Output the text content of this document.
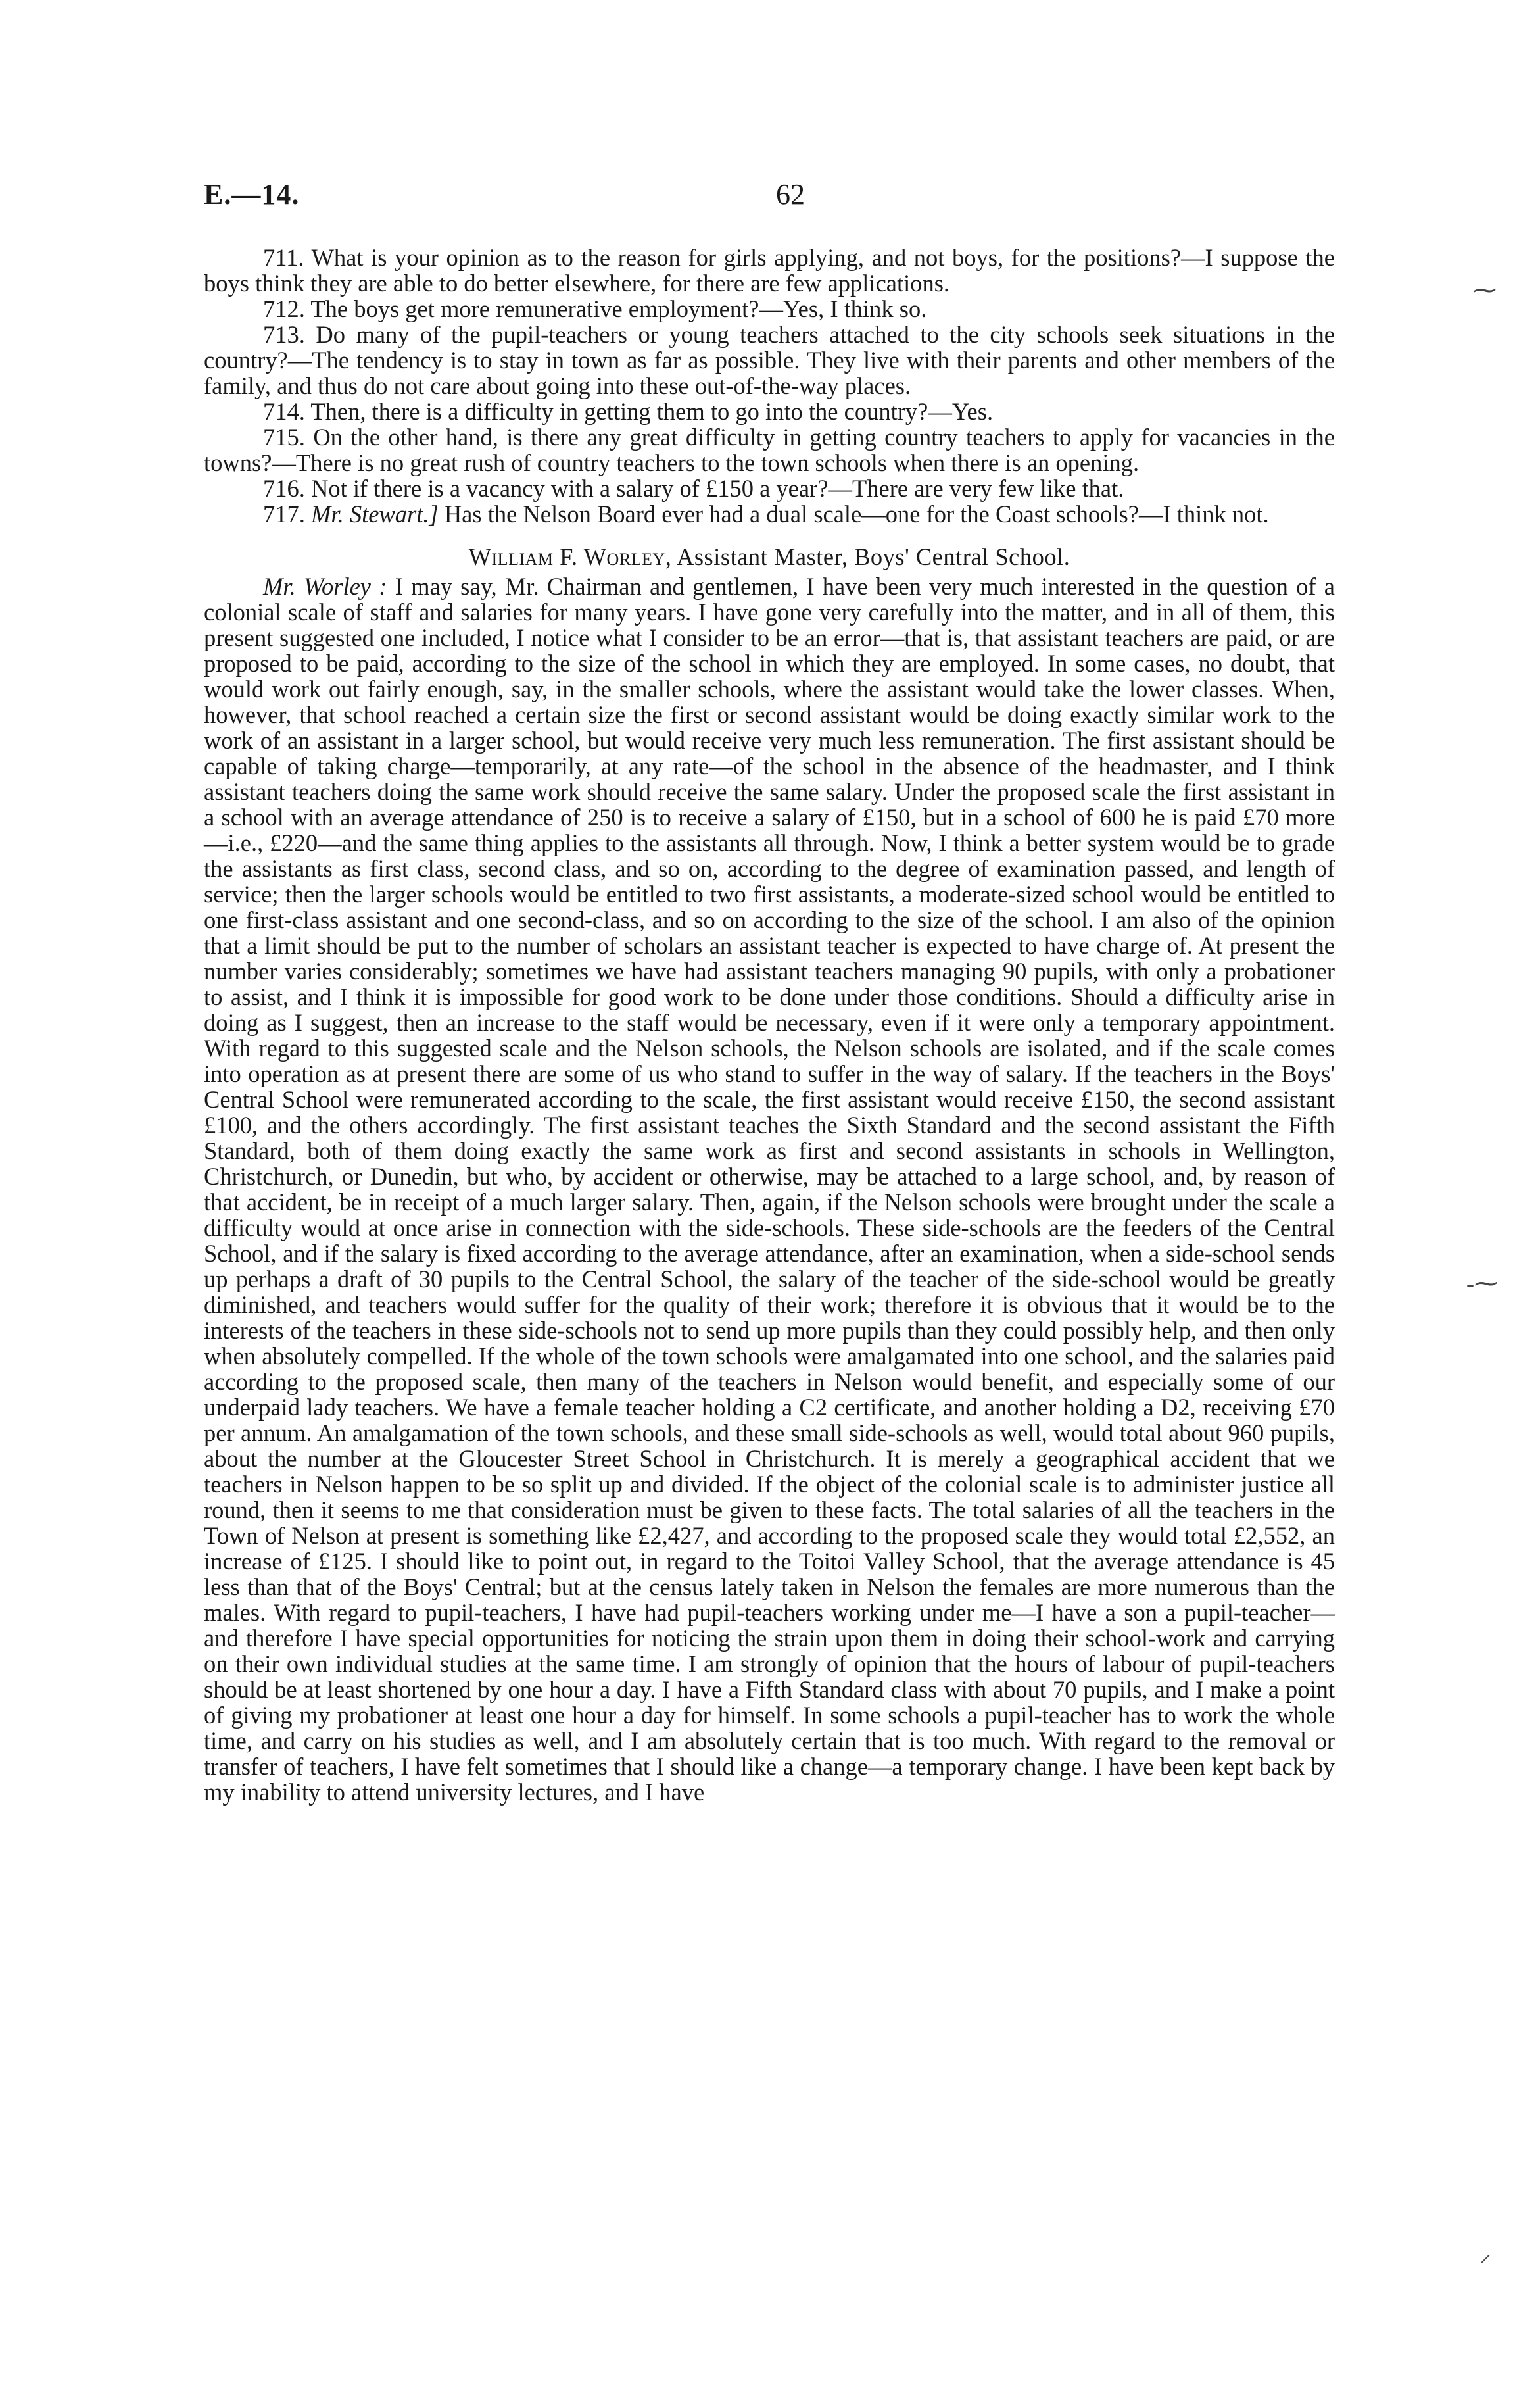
E.—14.	62

711. What is your opinion as to the reason for girls applying, and not boys, for the positions?—I suppose the boys think they are able to do better elsewhere, for there are few applications.

712. The boys get more remunerative employment?—Yes, I think so.

713. Do many of the pupil-teachers or young teachers attached to the city schools seek situations in the country?—The tendency is to stay in town as far as possible. They live with their parents and other members of the family, and thus do not care about going into these out-of-the-way places.

714. Then, there is a difficulty in getting them to go into the country?—Yes.

715. On the other hand, is there any great difficulty in getting country teachers to apply for vacancies in the towns?—There is no great rush of country teachers to the town schools when there is an opening.

716. Not if there is a vacancy with a salary of £150 a year?—There are very few like that.

717. Mr. Stewart.] Has the Nelson Board ever had a dual scale—one for the Coast schools?—I think not.

William F. Worley, Assistant Master, Boys' Central School.

Mr. Worley : I may say, Mr. Chairman and gentlemen, I have been very much interested in the question of a colonial scale of staff and salaries for many years. I have gone very carefully into the matter, and in all of them, this present suggested one included, I notice what I consider to be an error—that is, that assistant teachers are paid, or are proposed to be paid, according to the size of the school in which they are employed. In some cases, no doubt, that would work out fairly enough, say, in the smaller schools, where the assistant would take the lower classes. When, however, that school reached a certain size the first or second assistant would be doing exactly similar work to the work of an assistant in a larger school, but would receive very much less remuneration. The first assistant should be capable of taking charge—temporarily, at any rate—of the school in the absence of the headmaster, and I think assistant teachers doing the same work should receive the same salary. Under the proposed scale the first assistant in a school with an average attendance of 250 is to receive a salary of £150, but in a school of 600 he is paid £70 more —i.e., £220—and the same thing applies to the assistants all through. Now, I think a better system would be to grade the assistants as first class, second class, and so on, according to the degree of examination passed, and length of service; then the larger schools would be entitled to two first assistants, a moderate-sized school would be entitled to one first-class assistant and one second-class, and so on according to the size of the school. I am also of the opinion that a limit should be put to the number of scholars an assistant teacher is expected to have charge of. At present the number varies considerably; sometimes we have had assistant teachers managing 90 pupils, with only a probationer to assist, and I think it is impossible for good work to be done under those conditions. Should a difficulty arise in doing as I suggest, then an increase to the staff would be necessary, even if it were only a temporary appointment. With regard to this suggested scale and the Nelson schools, the Nelson schools are isolated, and if the scale comes into operation as at present there are some of us who stand to suffer in the way of salary. If the teachers in the Boys' Central School were remunerated according to the scale, the first assistant would receive £150, the second assistant £100, and the others accordingly. The first assistant teaches the Sixth Standard and the second assistant the Fifth Standard, both of them doing exactly the same work as first and second assistants in schools in Wellington, Christchurch, or Dunedin, but who, by accident or otherwise, may be attached to a large school, and, by reason of that accident, be in receipt of a much larger salary. Then, again, if the Nelson schools were brought under the scale a difficulty would at once arise in connection with the side-schools. These side-schools are the feeders of the Central School, and if the salary is fixed according to the average attendance, after an examination, when a side-school sends up perhaps a draft of 30 pupils to the Central School, the salary of the teacher of the side-school would be greatly diminished, and teachers would suffer for the quality of their work; therefore it is obvious that it would be to the interests of the teachers in these side-schools not to send up more pupils than they could possibly help, and then only when absolutely compelled. If the whole of the town schools were amalgamated into one school, and the salaries paid according to the proposed scale, then many of the teachers in Nelson would benefit, and especially some of our underpaid lady teachers. We have a female teacher holding a C2 certificate, and another holding a D2, receiving £70 per annum. An amalgamation of the town schools, and these small side-schools as well, would total about 960 pupils, about the number at the Gloucester Street School in Christchurch. It is merely a geographical accident that we teachers in Nelson happen to be so split up and divided. If the object of the colonial scale is to administer justice all round, then it seems to me that consideration must be given to these facts. The total salaries of all the teachers in the Town of Nelson at present is something like £2,427, and according to the proposed scale they would total £2,552, an increase of £125. I should like to point out, in regard to the Toitoi Valley School, that the average attendance is 45 less than that of the Boys' Central; but at the census lately taken in Nelson the females are more numerous than the males. With regard to pupil-teachers, I have had pupil-teachers working under me—I have a son a pupil-teacher—and therefore I have special opportunities for noticing the strain upon them in doing their school-work and carrying on their own individual studies at the same time. I am strongly of opinion that the hours of labour of pupil-teachers should be at least shortened by one hour a day. I have a Fifth Standard class with about 70 pupils, and I make a point of giving my probationer at least one hour a day for himself. In some schools a pupil-teacher has to work the whole time, and carry on his studies as well, and I am absolutely certain that is too much. With regard to the removal or transfer of teachers, I have felt sometimes that I should like a change—a temporary change. I have been kept back by my inability to attend university lectures, and I have

⁓
-⁓
⸝
